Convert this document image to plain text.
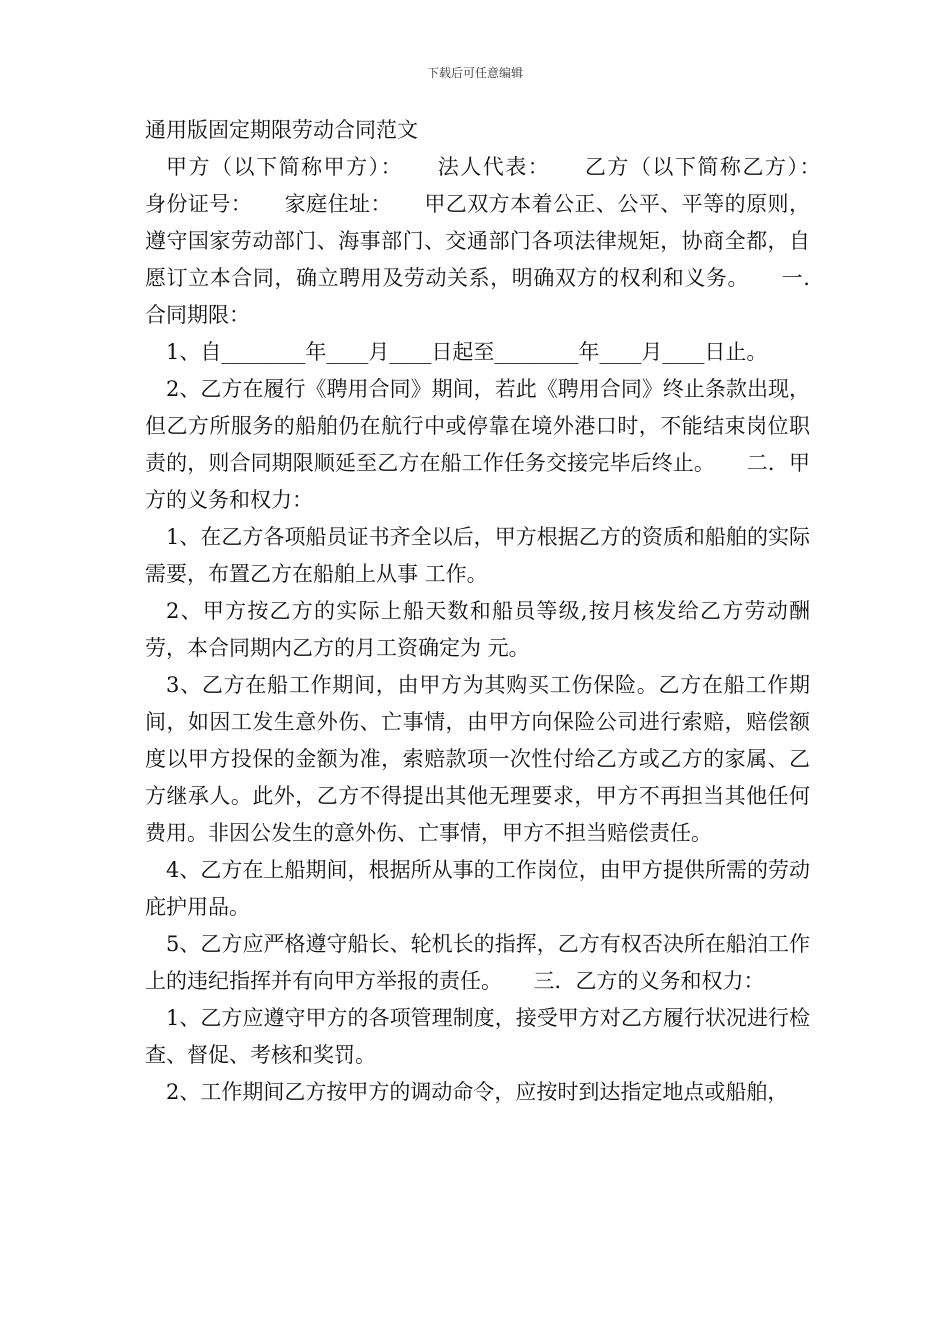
下载后可任意编辑

通用版固定期限劳动合同范文

甲方（以下简称甲方）：　　法人代表：　　乙方（以下简称乙方）：　　身份证号：　　家庭住址：　　甲乙双方本着公正、公平、平等的原则，遵守国家劳动部门、海事部门、交通部门各项法律规矩，协商全都，自愿订立本合同，确立聘用及劳动关系，明确双方的权利和义务。　　一.合同期限：

1、自________年____月____日起至________年____月____日止。

2、乙方在履行《聘用合同》期间，若此《聘用合同》终止条款出现，但乙方所服务的船舶仍在航行中或停靠在境外港口时，不能结束岗位职责的，则合同期限顺延至乙方在船工作任务交接完毕后终止。　　二．甲方的义务和权力：

1、在乙方各项船员证书齐全以后，甲方根据乙方的资质和船舶的实际需要，布置乙方在船舶上从事 工作。

2、甲方按乙方的实际上船天数和船员等级,按月核发给乙方劳动酬劳，本合同期内乙方的月工资确定为 元。

3、乙方在船工作期间，由甲方为其购买工伤保险。乙方在船工作期间，如因工发生意外伤、亡事情，由甲方向保险公司进行索赔，赔偿额度以甲方投保的金额为准，索赔款项一次性付给乙方或乙方的家属、乙方继承人。此外，乙方不得提出其他无理要求，甲方不再担当其他任何费用。非因公发生的意外伤、亡事情，甲方不担当赔偿责任。

4、乙方在上船期间，根据所从事的工作岗位，由甲方提供所需的劳动庇护用品。

5、乙方应严格遵守船长、轮机长的指挥，乙方有权否决所在船泊工作上的违纪指挥并有向甲方举报的责任。　　三．乙方的义务和权力：

1、乙方应遵守甲方的各项管理制度，接受甲方对乙方履行状况进行检查、督促、考核和奖罚。

2、工作期间乙方按甲方的调动命令，应按时到达指定地点或船舶，
